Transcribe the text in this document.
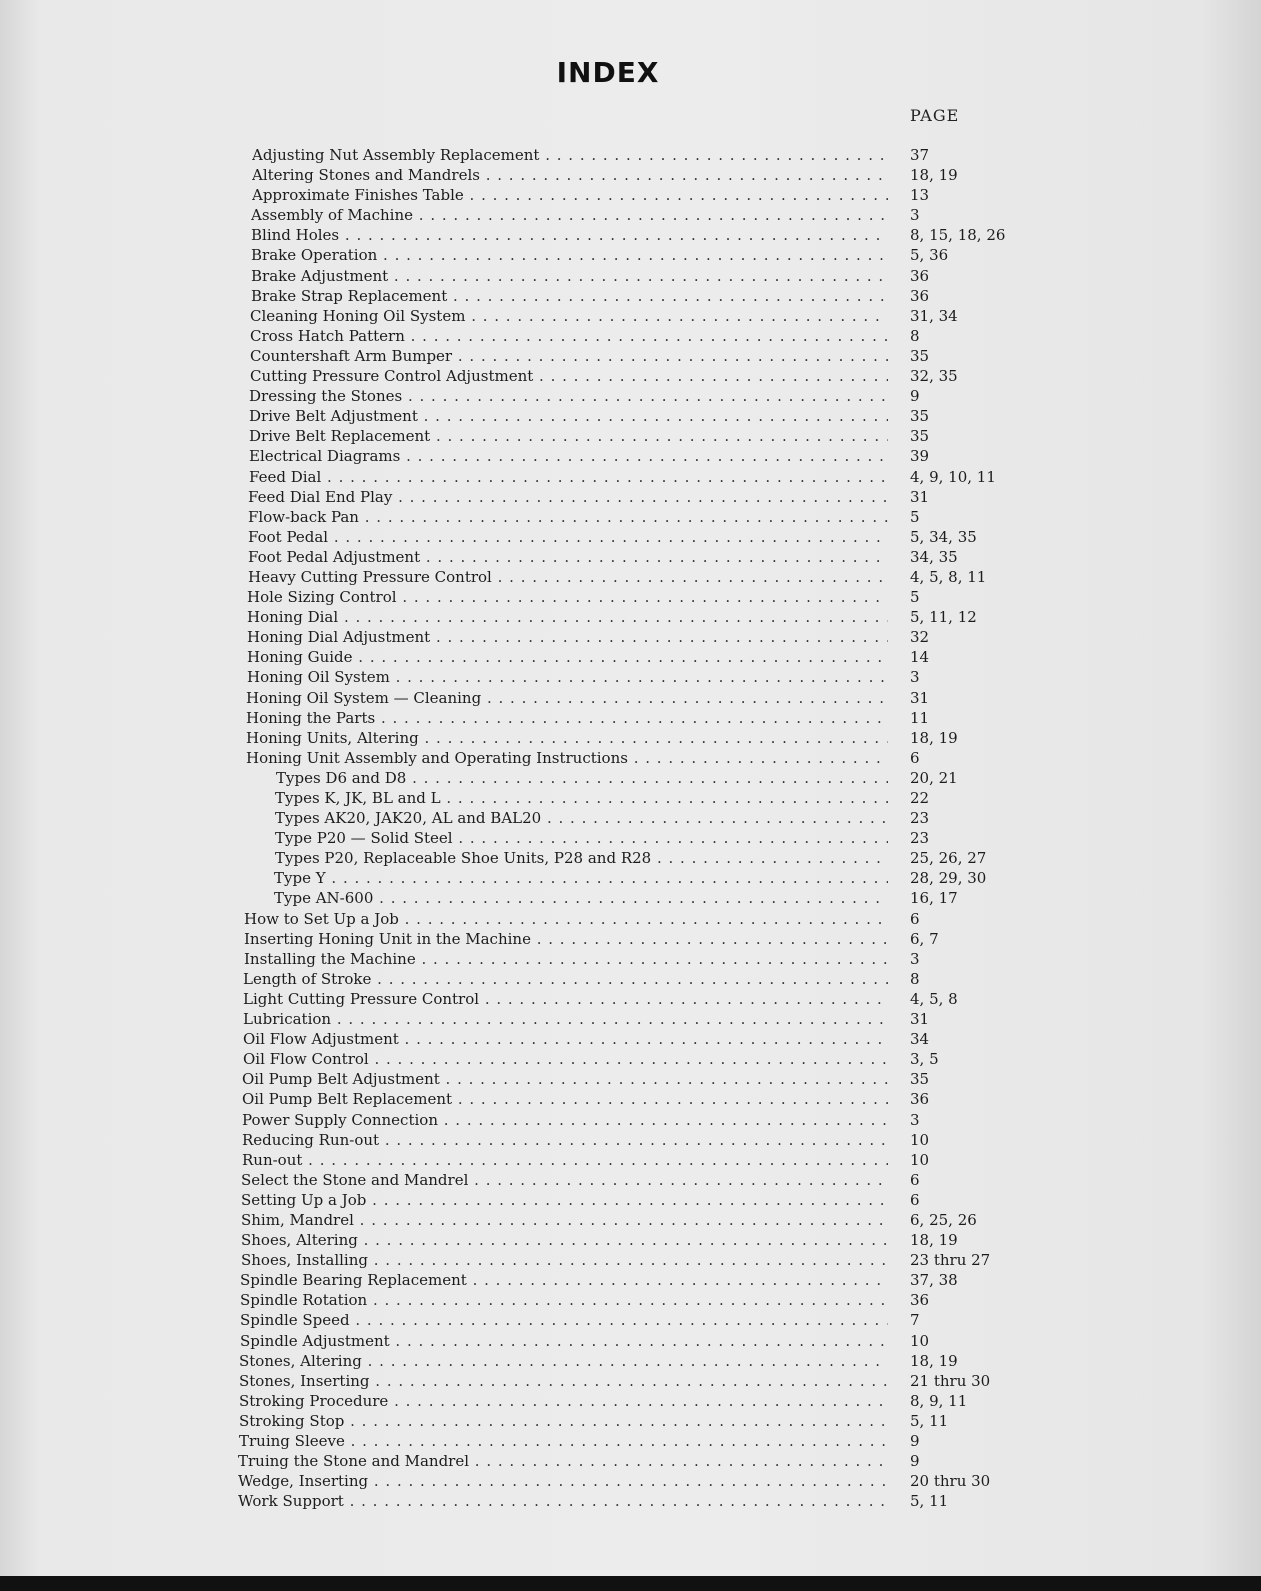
INDEX
PAGE
Adjusting Nut Assembly Replacement . . .	37
Altering Stones and Mandrels . . .	18, 19
Approximate Finishes Table . . .	13
Assembly of Machine . . .	3
Blind Holes . . .	8, 15, 18, 26
Brake Operation . . .	5, 36
Brake Adjustment . . .	36
Brake Strap Replacement . . .	36
Cleaning Honing Oil System . . .	31, 34
Cross Hatch Pattern . . .	8
Countershaft Arm Bumper . . .	35
Cutting Pressure Control Adjustment . . .	32, 35
Dressing the Stones . . .	9
Drive Belt Adjustment . . .	35
Drive Belt Replacement . . .	35
Electrical Diagrams . . .	39
Feed Dial . . .	4, 9, 10, 11
Feed Dial End Play . . .	31
Flow-back Pan . . .	5
Foot Pedal . . .	5, 34, 35
Foot Pedal Adjustment . . .	34, 35
Heavy Cutting Pressure Control . . .	4, 5, 8, 11
Hole Sizing Control . . .	5
Honing Dial . . .	5, 11, 12
Honing Dial Adjustment . . .	32
Honing Guide . . .	14
Honing Oil System . . .	3
Honing Oil System — Cleaning . . .	31
Honing the Parts . . .	11
Honing Units, Altering . . .	18, 19
Honing Unit Assembly and Operating Instructions . . .	6
Types D6 and D8 . . .	20, 21
Types K, JK, BL and L . . .	22
Types AK20, JAK20, AL and BAL20 . . .	23
Type P20 — Solid Steel . . .	23
Types P20, Replaceable Shoe Units, P28 and R28 . . .	25, 26, 27
Type Y . . .	28, 29, 30
Type AN-600 . . .	16, 17
How to Set Up a Job . . .	6
Inserting Honing Unit in the Machine . . .	6, 7
Installing the Machine . . .	3
Length of Stroke . . .	8
Light Cutting Pressure Control . . .	4, 5, 8
Lubrication . . .	31
Oil Flow Adjustment . . .	34
Oil Flow Control . . .	3, 5
Oil Pump Belt Adjustment . . .	35
Oil Pump Belt Replacement . . .	36
Power Supply Connection . . .	3
Reducing Run-out . . .	10
Run-out . . .	10
Select the Stone and Mandrel . . .	6
Setting Up a Job . . .	6
Shim, Mandrel . . .	6, 25, 26
Shoes, Altering . . .	18, 19
Shoes, Installing . . .	23 thru 27
Spindle Bearing Replacement . . .	37, 38
Spindle Rotation . . .	36
Spindle Speed . . .	7
Spindle Adjustment . . .	10
Stones, Altering . . .	18, 19
Stones, Inserting . . .	21 thru 30
Stroking Procedure . . .	8, 9, 11
Stroking Stop . . .	5, 11
Truing Sleeve . . .	9
Truing the Stone and Mandrel . . .	9
Wedge, Inserting . . .	20 thru 30
Work Support . . .	5, 11
